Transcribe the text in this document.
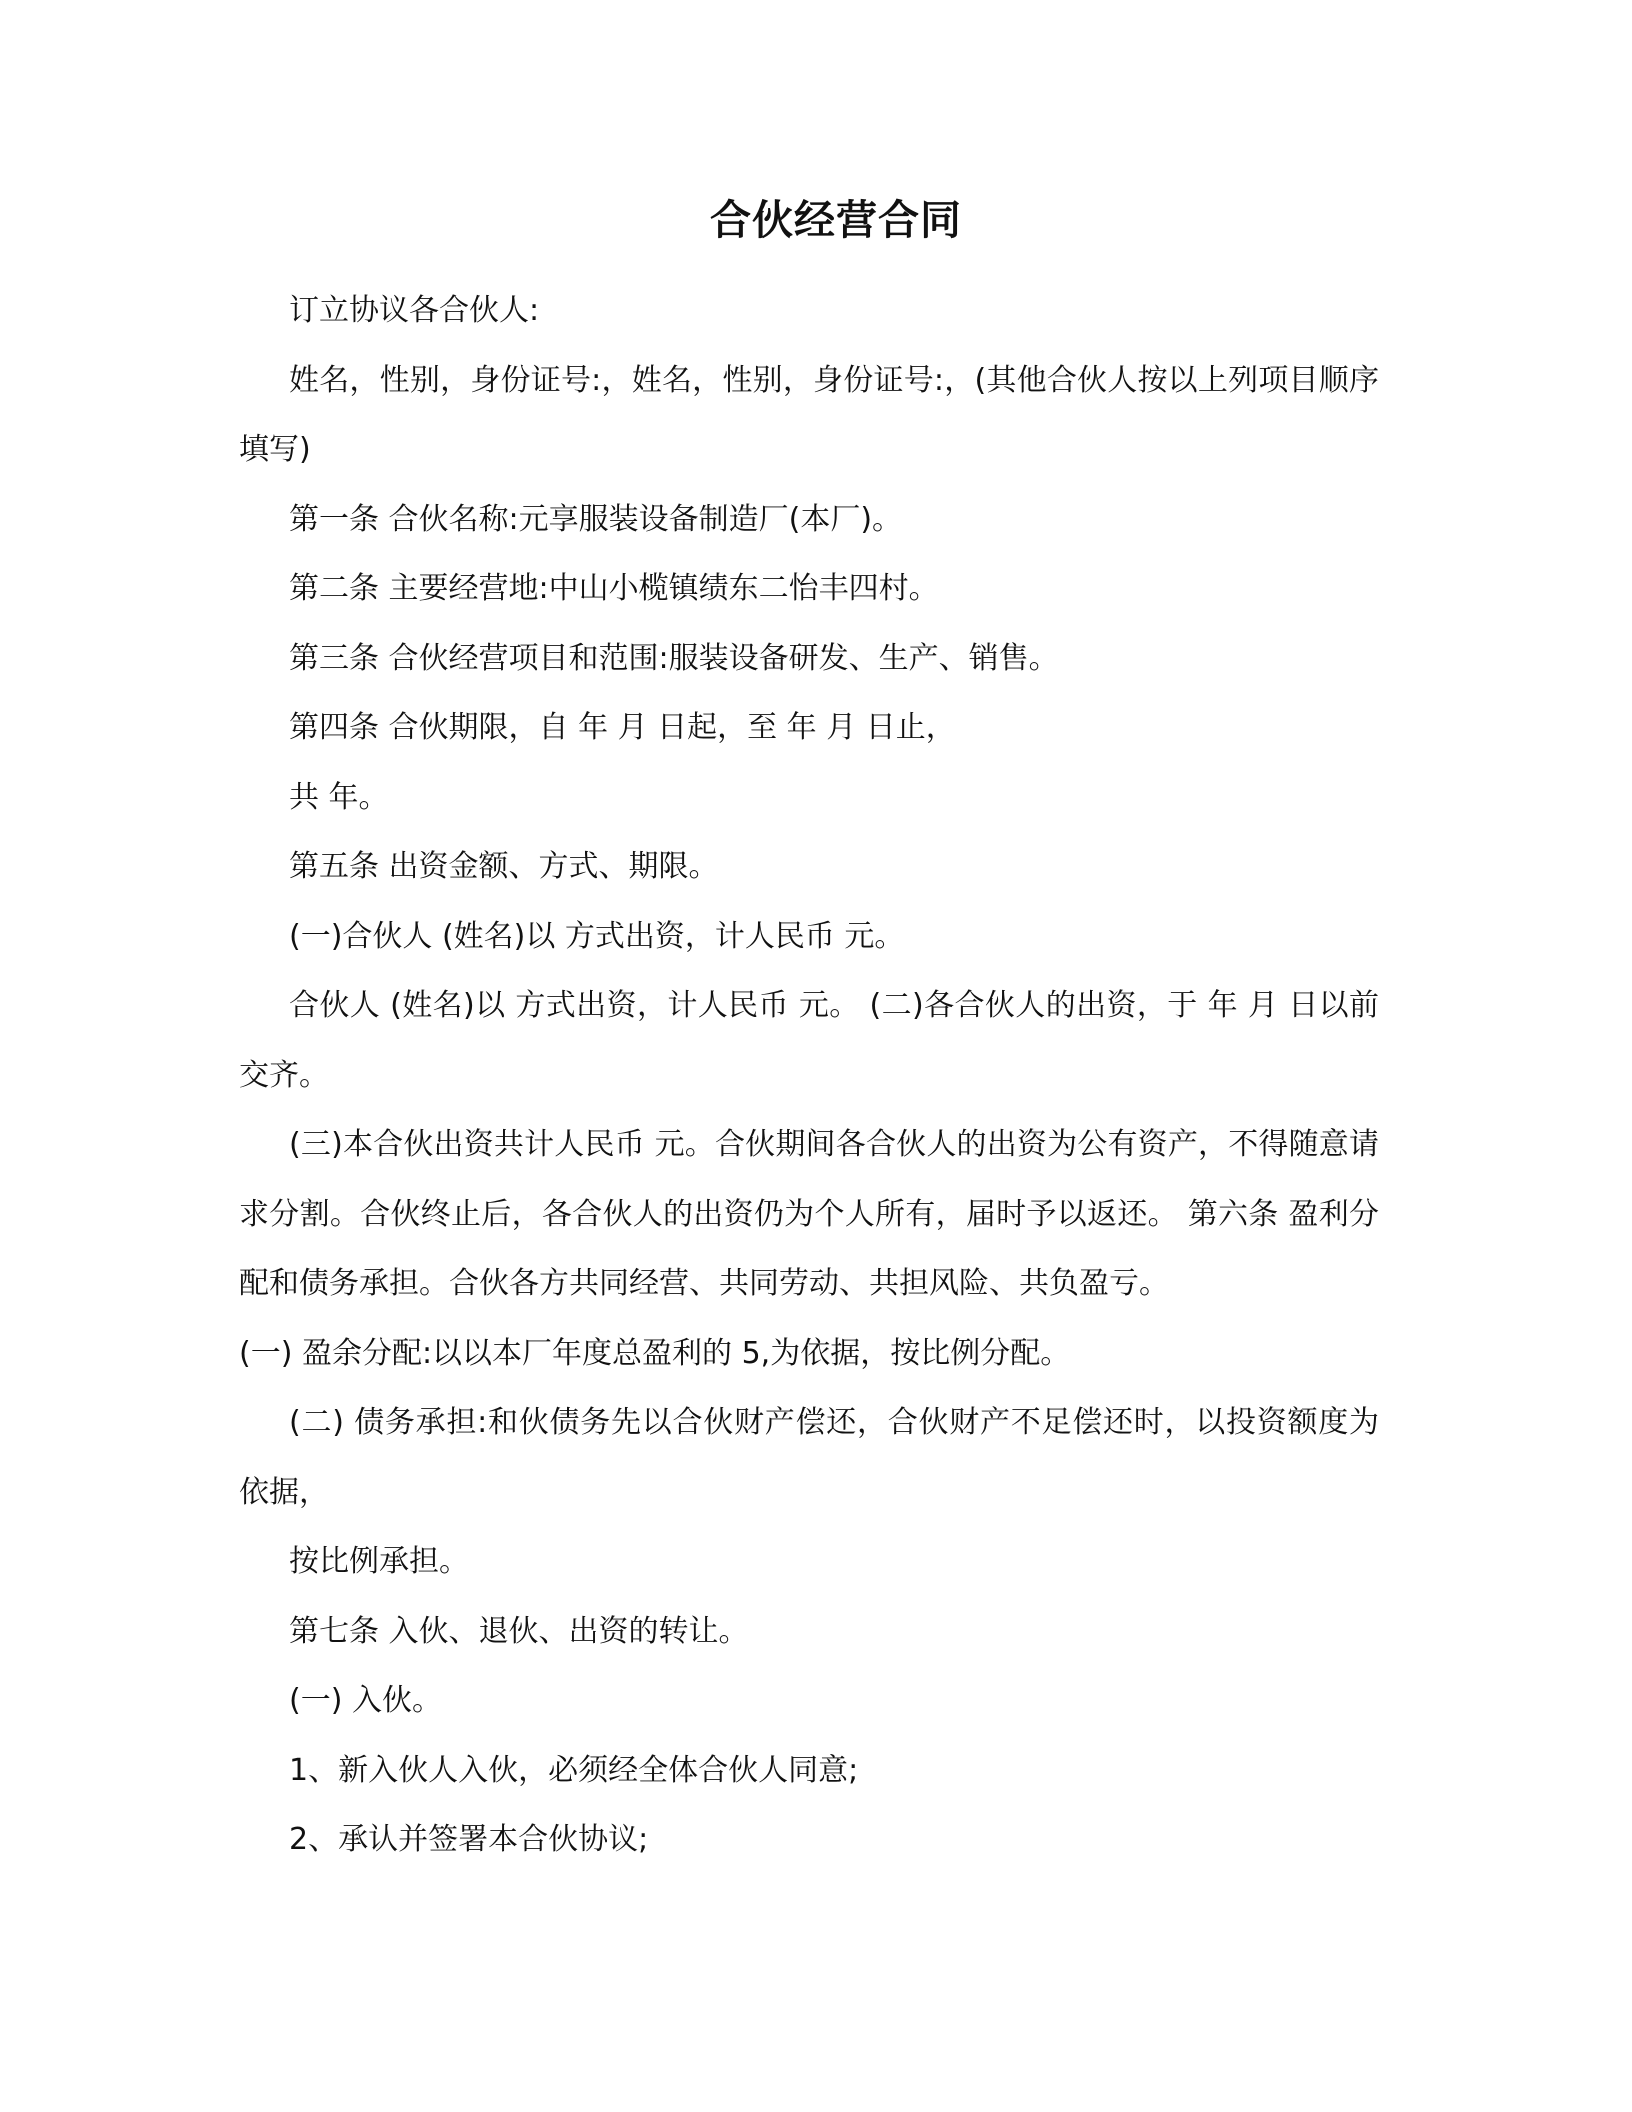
合伙经营合同

订立协议各合伙人:

姓名，性别，身份证号:，姓名，性别，身份证号:，(其他合伙人按以上列项目顺序填写)

第一条 合伙名称:元享服装设备制造厂(本厂)。

第二条 主要经营地:中山小榄镇绩东二怡丰四村。

第三条 合伙经营项目和范围:服装设备研发、生产、销售。

第四条 合伙期限，自 年 月 日起，至 年 月 日止，

共 年。

第五条 出资金额、方式、期限。

(一)合伙人 (姓名)以 方式出资，计人民币 元。

合伙人 (姓名)以 方式出资，计人民币 元。 (二)各合伙人的出资，于 年 月 日以前交齐。

(三)本合伙出资共计人民币 元。合伙期间各合伙人的出资为公有资产，不得随意请求分割。合伙终止后，各合伙人的出资仍为个人所有，届时予以返还。 第六条 盈利分配和债务承担。合伙各方共同经营、共同劳动、共担风险、共负盈亏。

(一) 盈余分配:以以本厂年度总盈利的 5,为依据，按比例分配。

(二) 债务承担:和伙债务先以合伙财产偿还，合伙财产不足偿还时，以投资额度为依据，

按比例承担。

第七条 入伙、退伙、出资的转让。

(一) 入伙。

1、新入伙人入伙，必须经全体合伙人同意;

2、承认并签署本合伙协议;
